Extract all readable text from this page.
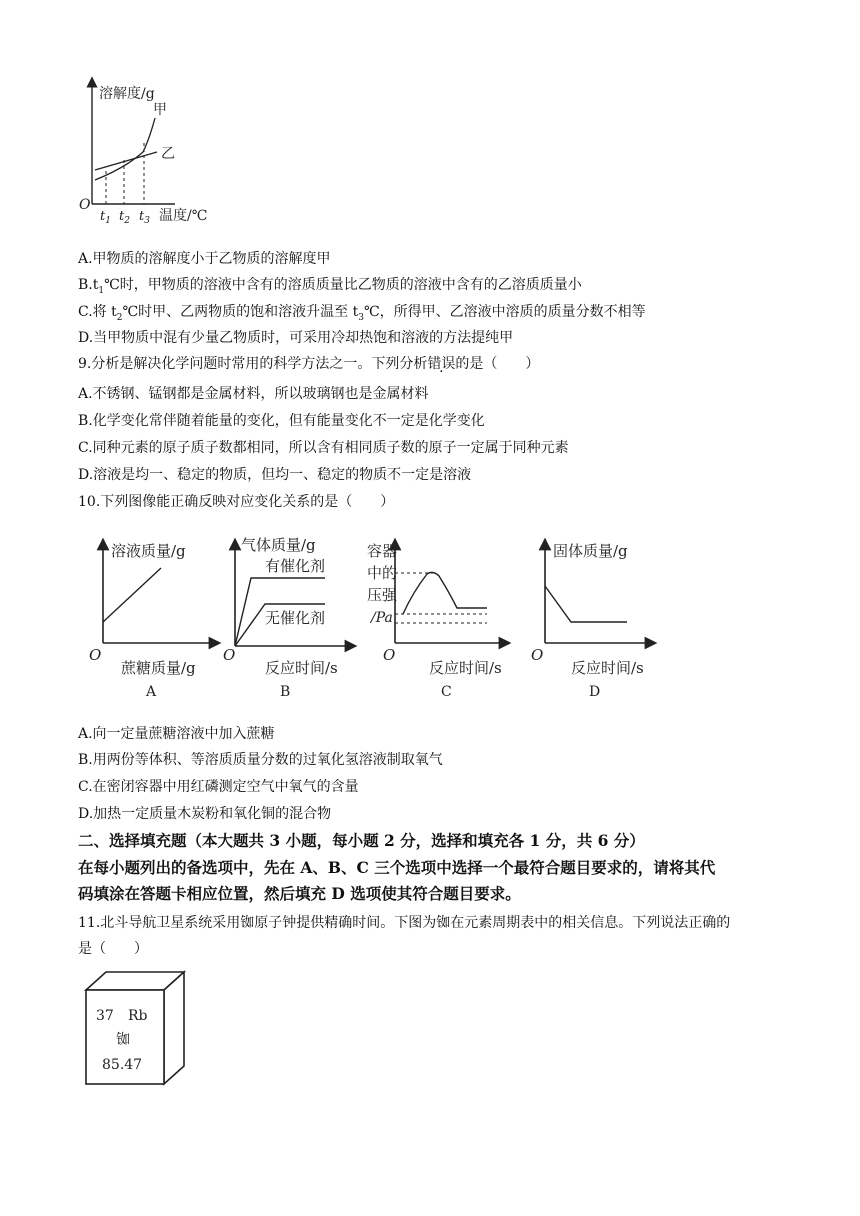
溶解度/g
甲
乙
O
$t_1$ $t_2$ $t_3$ 温度/℃
A.甲物质的溶解度小于乙物质的溶解度甲
$B.t_1℃$时，甲物质的溶液中含有的溶质质量比乙物质的溶液中含有的乙溶质质量小
C.将 $t_2℃$时甲、乙两物质的饱和溶液升温至 $t_3℃$，所得甲、乙溶液中溶质的质量分数不相等
D.当甲物质中混有少量乙物质时，可采用冷却热饱和溶液的方法提纯甲
9.分析是解决化学问题时常用的科学方法之一。下列分析错误的是（　　）
A.不锈钢、锰钢都是金属材料，所以玻璃钢也是金属材料
B.化学变化常伴随着能量的变化，但有能量变化不一定是化学变化
C.同种元素的原子质子数都相同，所以含有相同质子数的原子一定属于同种元素
D.溶液是均一、稳定的物质，但均一、稳定的物质不一定是溶液
10.下列图像能正确反映对应变化关系的是（　　）
溶液质量/g
O
蔗糖质量/g
A
气体质量/g
有催化剂
无催化剂
O
反应时间/s
B
容器
中的
压强
/Pa
O
反应时间/s
C
固体质量/g
O
反应时间/s
D
A.向一定量蔗糖溶液中加入蔗糖
B.用两份等体积、等溶质质量分数的过氧化氢溶液制取氧气
C.在密闭容器中用红磷测定空气中氧气的含量
D.加热一定质量木炭粉和氧化铜的混合物
二、选择填充题（本大题共 3 小题，每小题 2 分，选择和填充各 1 分，共 6 分）
在每小题列出的备选项中，先在 A、B、C 三个选项中选择一个最符合题目要求的，请将其代
码填涂在答题卡相应位置，然后填充 D 选项使其符合题目要求。
11.北斗导航卫星系统采用铷原子钟提供精确时间。下图为铷在元素周期表中的相关信息。下列说法正确的
是（　　）
37 Rb
铷
85.47
